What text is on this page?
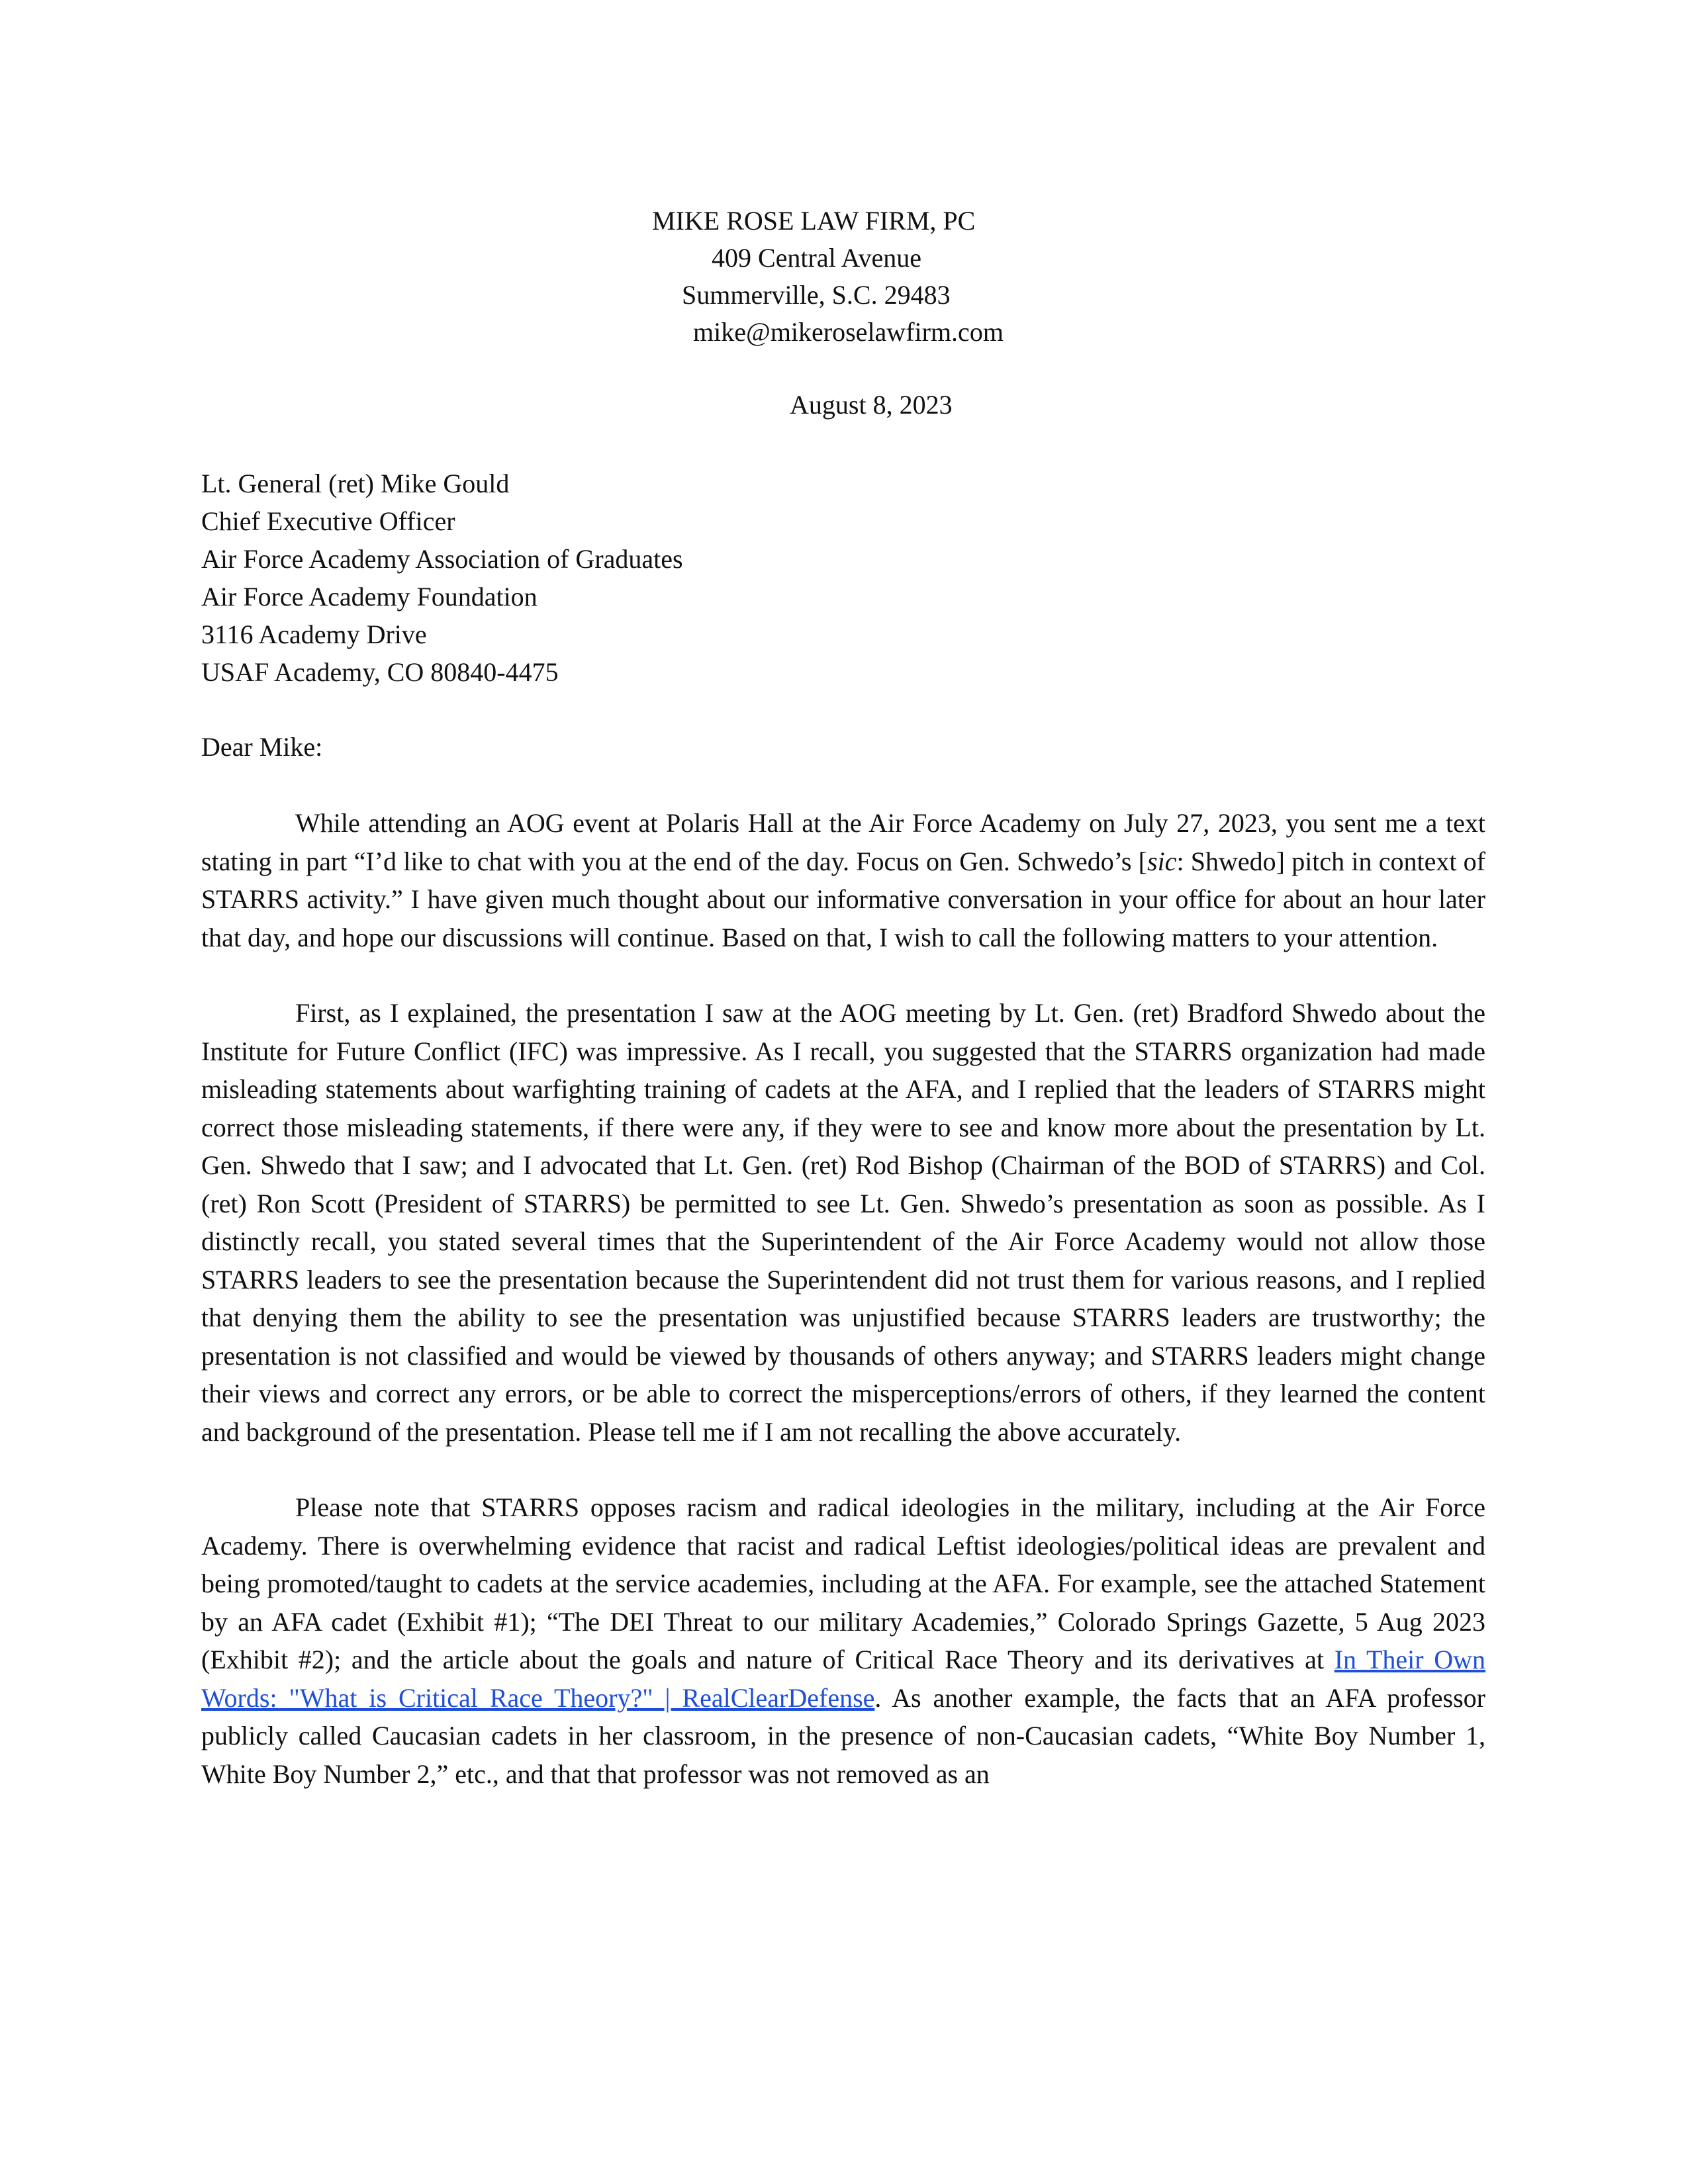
MIKE ROSE LAW FIRM, PC
409 Central Avenue
Summerville, S.C. 29483
mike@mikeroselawfirm.com
August 8, 2023
Lt. General (ret) Mike Gould
Chief Executive Officer
Air Force Academy Association of Graduates
Air Force Academy Foundation
3116 Academy Drive
USAF Academy, CO 80840-4475
Dear Mike:

While attending an AOG event at Polaris Hall at the Air Force Academy on July 27, 2023, you sent me a text stating in part “I’d like to chat with you at the end of the day. Focus on Gen. Schwedo’s [sic: Shwedo] pitch in context of STARRS activity.” I have given much thought about our informative conversation in your office for about an hour later that day, and hope our discussions will continue. Based on that, I wish to call the following matters to your attention.

First, as I explained, the presentation I saw at the AOG meeting by Lt. Gen. (ret) Bradford Shwedo about the Institute for Future Conflict (IFC) was impressive. As I recall, you suggested that the STARRS organization had made misleading statements about warfighting training of cadets at the AFA, and I replied that the leaders of STARRS might correct those misleading statements, if there were any, if they were to see and know more about the presentation by Lt. Gen. Shwedo that I saw; and I advocated that Lt. Gen. (ret) Rod Bishop (Chairman of the BOD of STARRS) and Col. (ret) Ron Scott (President of STARRS) be permitted to see Lt. Gen. Shwedo’s presentation as soon as possible. As I distinctly recall, you stated several times that the Superintendent of the Air Force Academy would not allow those STARRS leaders to see the presentation because the Superintendent did not trust them for various reasons, and I replied that denying them the ability to see the presentation was unjustified because STARRS leaders are trustworthy; the presentation is not classified and would be viewed by thousands of others anyway; and STARRS leaders might change their views and correct any errors, or be able to correct the misperceptions/errors of others, if they learned the content and background of the presentation. Please tell me if I am not recalling the above accurately.

Please note that STARRS opposes racism and radical ideologies in the military, including at the Air Force Academy. There is overwhelming evidence that racist and radical Leftist ideologies/political ideas are prevalent and being promoted/taught to cadets at the service academies, including at the AFA. For example, see the attached Statement by an AFA cadet (Exhibit #1); “The DEI Threat to our military Academies,” Colorado Springs Gazette, 5 Aug 2023 (Exhibit #2); and the article about the goals and nature of Critical Race Theory and its derivatives at In Their Own Words: "What is Critical Race Theory?" | RealClearDefense. As another example, the facts that an AFA professor publicly called Caucasian cadets in her classroom, in the presence of non-Caucasian cadets, “White Boy Number 1, White Boy Number 2,” etc., and that that professor was not removed as an
